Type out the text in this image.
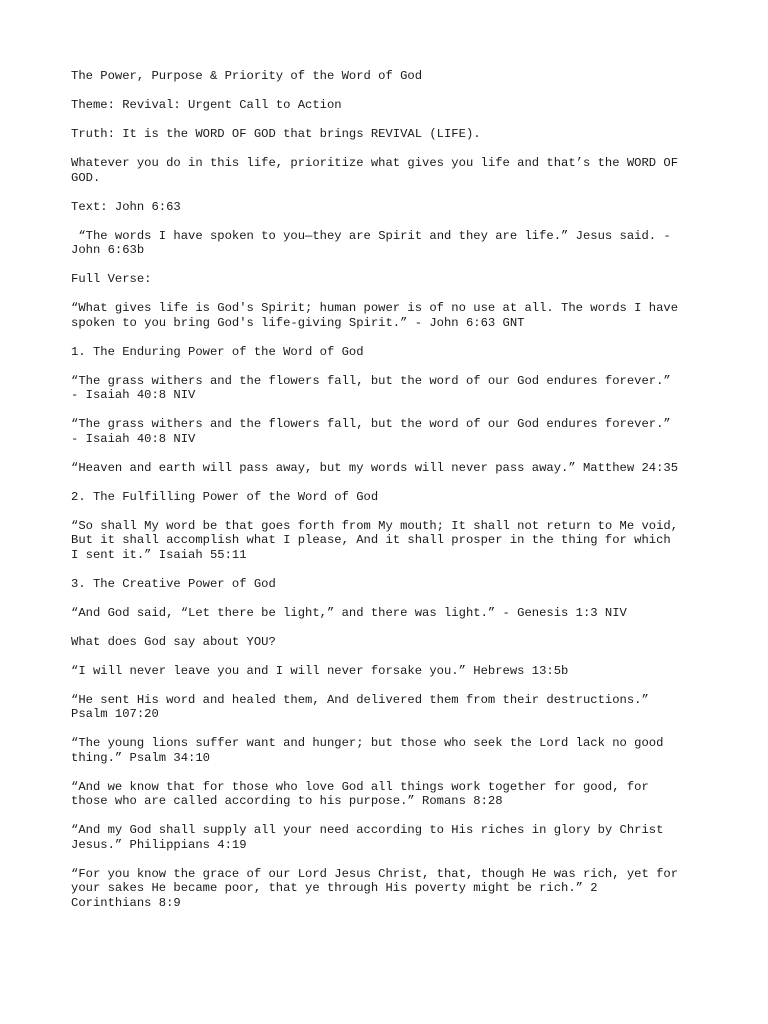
The Power, Purpose & Priority of the Word of God

Theme: Revival: Urgent Call to Action

Truth: It is the WORD OF GOD that brings REVIVAL (LIFE).

Whatever you do in this life, prioritize what gives you life and that’s the WORD OF
GOD.

Text: John 6:63

“The words I have spoken to you—they are Spirit and they are life.” Jesus said. -
John 6:63b

Full Verse:

“What gives life is God's Spirit; human power is of no use at all. The words I have
spoken to you bring God's life-giving Spirit.” - John 6:63 GNT

1. The Enduring Power of the Word of God

“The grass withers and the flowers fall, but the word of our God endures forever.”
- Isaiah 40:8 NIV

“The grass withers and the flowers fall, but the word of our God endures forever.”
- Isaiah 40:8 NIV

“Heaven and earth will pass away, but my words will never pass away.” Matthew 24:35

2. The Fulfilling Power of the Word of God

“So shall My word be that goes forth from My mouth; It shall not return to Me void,
But it shall accomplish what I please, And it shall prosper in the thing for which
I sent it.” Isaiah 55:11

3. The Creative Power of God

“And God said, “Let there be light,” and there was light.” - Genesis 1:3 NIV

What does God say about YOU?

“I will never leave you and I will never forsake you.” Hebrews 13:5b

“He sent His word and healed them, And delivered them from their destructions.”
Psalm 107:20

“The young lions suffer want and hunger; but those who seek the Lord lack no good
thing.” Psalm 34:10

“And we know that for those who love God all things work together for good, for
those who are called according to his purpose.” Romans 8:28

“And my God shall supply all your need according to His riches in glory by Christ
Jesus.” Philippians 4:19

“For you know the grace of our Lord Jesus Christ, that, though He was rich, yet for
your sakes He became poor, that ye through His poverty might be rich.” 2
Corinthians 8:9
